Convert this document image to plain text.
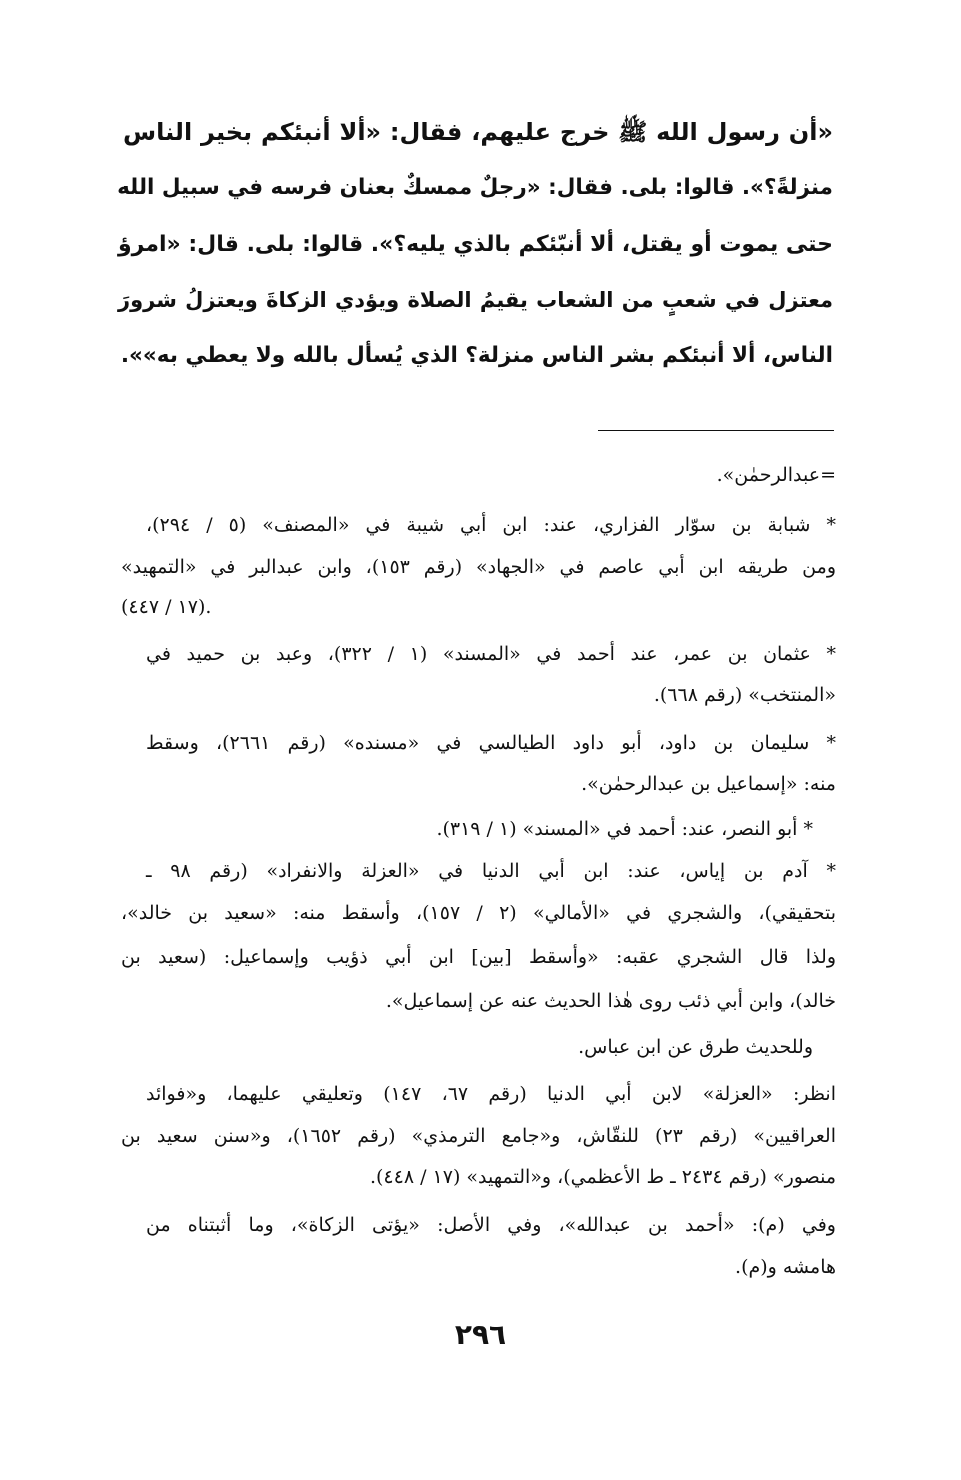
«أن رسول الله ﷺ خرج عليهم، فقال: «ألا أنبئكم بخير الناس
منزلةً؟». قالوا: بلى. فقال: «رجلٌ ممسكٌ بعنان فرسه في سبيل الله
حتى يموت أو يقتل، ألا أنبّئكم بالذي يليه؟». قالوا: بلى. قال: «امرؤ
معتزل في شعبٍ من الشعاب يقيمُ الصلاة ويؤدي الزكاةَ ويعتزلُ شرورَ
الناس، ألا أنبئكم بشر الناس منزلة؟ الذي يُسأل بالله ولا يعطي به»».
=عبدالرحمٰن».
* شبابة بن سوّار الفزاري، عند: ابن أبي شيبة في «المصنف» (٥ / ٢٩٤)،
ومن طريقه ابن أبي عاصم في «الجهاد» (رقم ١٥٣)، وابن عبدالبر في «التمهيد»
(١٧ / ٤٤٧).
* عثمان بن عمر، عند أحمد في «المسند» (١ / ٣٢٢)، وعبد بن حميد في
«المنتخب» (رقم ٦٦٨).
* سليمان بن داود، أبو داود الطيالسي في «مسنده» (رقم ٢٦٦١)، وسقط
منه: «إسماعيل بن عبدالرحمٰن».
* أبو النصر، عند: أحمد في «المسند» (١ / ٣١٩).
* آدم بن إياس، عند: ابن أبي الدنيا في «العزلة والانفراد» (رقم ٩٨ ـ
بتحقيقي)، والشجري في «الأمالي» (٢ / ١٥٧)، وأسقط منه: «سعيد بن خالد»،
ولذا قال الشجري عقبه: «وأسقط [بين] ابن أبي ذؤيب وإسماعيل: (سعيد بن
خالد)، وابن أبي ذئب روى هٰذا الحديث عنه عن إسماعيل».
وللحديث طرق عن ابن عباس.
انظر: «العزلة» لابن أبي الدنيا (رقم ٦٧، ١٤٧) وتعليقي عليهما، و«فوائد
العراقيين» (رقم ٢٣) للنقّاش، و«جامع الترمذي» (رقم ١٦٥٢)، و«سنن سعيد بن
منصور» (رقم ٢٤٣٤ ـ ط الأعظمي)، و«التمهيد» (١٧ / ٤٤٨).
وفي (م): «أحمد بن عبدالله»، وفي الأصل: «يؤتى الزكاة»، وما أثبتناه من
هامشه و(م).
٢٩٦
